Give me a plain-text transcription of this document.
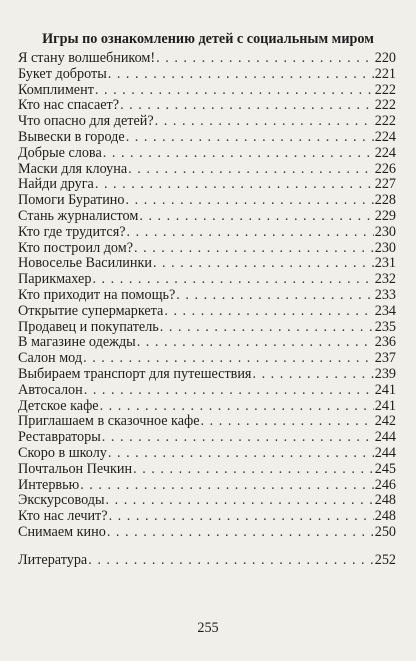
Игры по ознакомлению детей с социальным миром
Я стану волшебником! . . .	220
Букет доброты . . .	221
Комплимент . . .	222
Кто нас спасает? . . .	222
Что опасно для детей? . . .	222
Вывески в городе . . .	224
Добрые слова . . .	224
Маски для клоуна . . .	226
Найди друга . . .	227
Помоги Буратино . . .	228
Стань журналистом . . .	229
Кто где трудится? . . .	230
Кто построил дом? . . .	230
Новоселье Василинки . . .	231
Парикмахер . . .	232
Кто приходит на помощь? . . .	233
Открытие супермаркета . . .	234
Продавец и покупатель . . .	235
В магазине одежды . . .	236
Салон мод . . .	237
Выбираем транспорт для путешествия . . .	239
Автосалон . . .	241
Детское кафе . . .	241
Приглашаем в сказочное кафе . . .	242
Реставраторы . . .	244
Скоро в школу . . .	244
Почтальон Печкин . . .	245
Интервью . . .	246
Экскурсоводы . . .	248
Кто нас лечит? . . .	248
Снимаем кино . . .	250
Литература . . .	252
255
